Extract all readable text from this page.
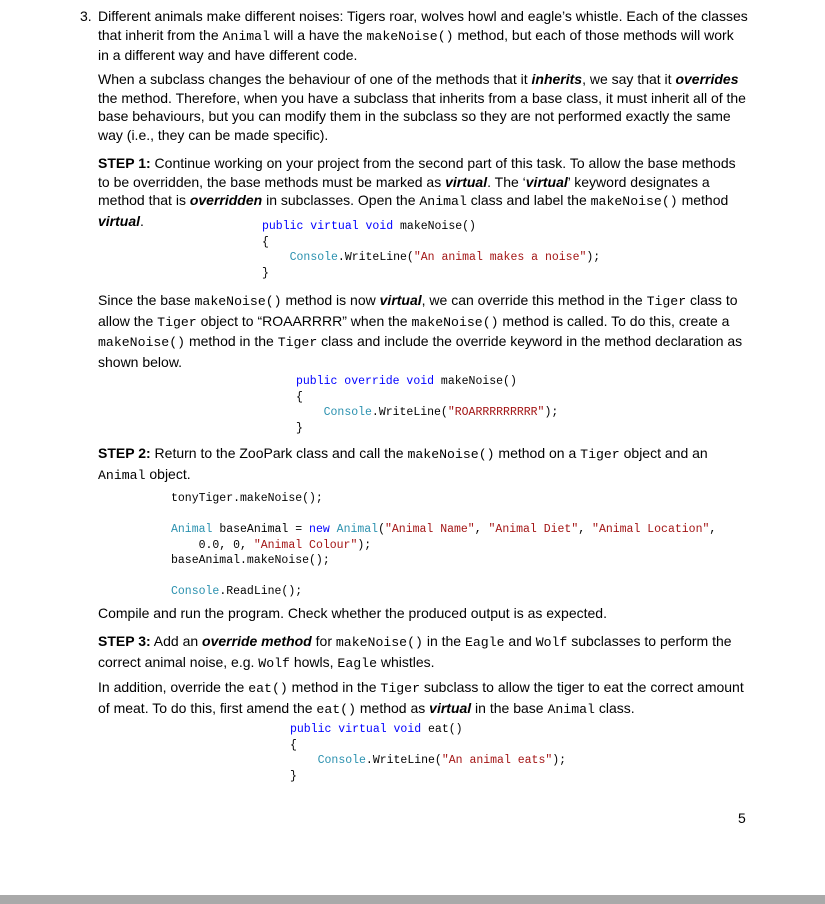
3. Different animals make different noises: Tigers roar, wolves howl and eagle’s whistle. Each of the classes that inherit from the Animal will a have the makeNoise() method, but each of those methods will work in a different way and have different code.

When a subclass changes the behaviour of one of the methods that it inherits, we say that it overrides the method. Therefore, when you have a subclass that inherits from a base class, it must inherit all of the base behaviours, but you can modify them in the subclass so they are not performed exactly the same way (i.e., they can be made specific).

STEP 1: Continue working on your project from the second part of this task. To allow the base methods to be overridden, the base methods must be marked as virtual. The ‘virtual’ keyword designates a method that is overridden in subclasses. Open the Animal class and label the makeNoise() method virtual.	public virtual void makeNoise()
{
Console.WriteLine("An animal makes a noise");
}

Since the base makeNoise() method is now virtual, we can override this method in the Tiger class to allow the Tiger object to “ROAARRRR” when the makeNoise() method is called. To do this, create a makeNoise() method in the Tiger class and include the override keyword in the method declaration as shown below.

public override void makeNoise()
{
Console.WriteLine("ROARRRRRRRRR");
}

STEP 2: Return to the ZooPark class and call the makeNoise() method on a Tiger object and an Animal object.

tonyTiger.makeNoise();

Animal baseAnimal = new Animal("Animal Name", "Animal Diet", "Animal Location",
0.0, 0, "Animal Colour");
baseAnimal.makeNoise();

Console.ReadLine();

Compile and run the program. Check whether the produced output is as expected.

STEP 3: Add an override method for makeNoise() in the Eagle and Wolf subclasses to perform the correct animal noise, e.g. Wolf howls, Eagle whistles.

In addition, override the eat() method in the Tiger subclass to allow the tiger to eat the correct amount of meat. To do this, first amend the eat() method as virtual in the base Animal class.

public virtual void eat()
{
Console.WriteLine("An animal eats");
}
5
